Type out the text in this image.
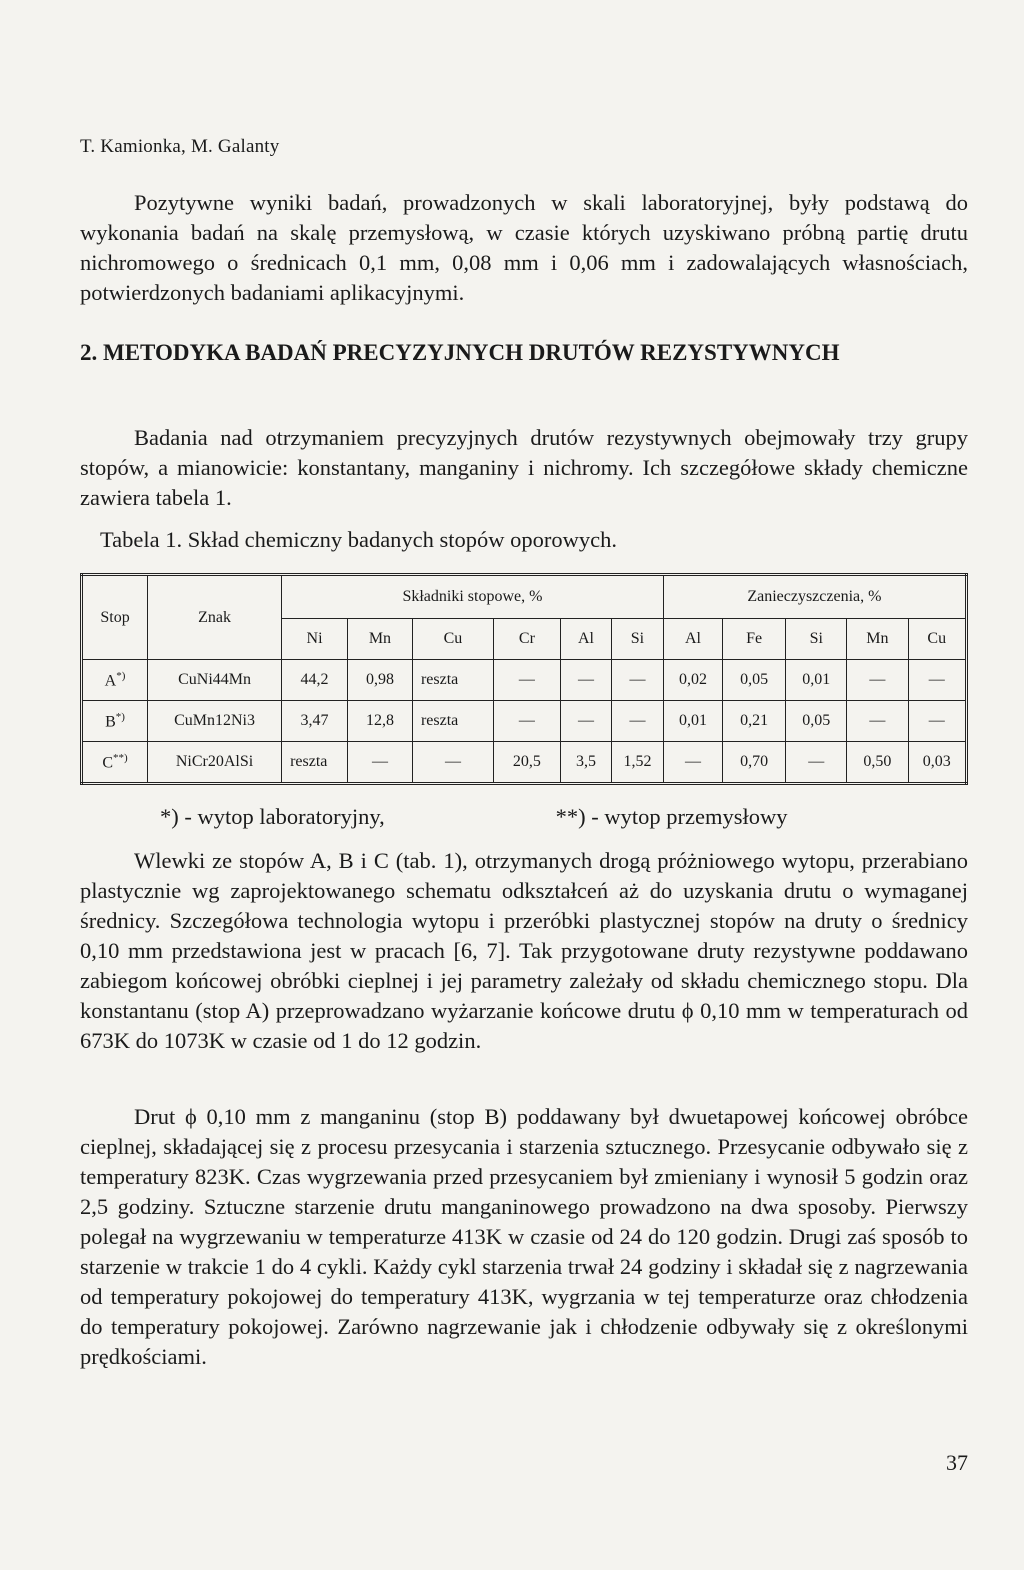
T. Kamionka, M. Galanty

Pozytywne wyniki badań, prowadzonych w skali laboratoryjnej, były podstawą do wykonania badań na skalę przemysłową, w czasie których uzyskiwano próbną partię drutu nichromowego o średnicach 0,1 mm, 0,08 mm i 0,06 mm i zadowalających własnościach, potwierdzonych badaniami aplikacyjnymi.

2. METODYKA BADAŃ PRECYZYJNYCH DRUTÓW REZYSTYWNYCH

Badania nad otrzymaniem precyzyjnych drutów rezystywnych obejmowały trzy grupy stopów, a mianowicie: konstantany, manganiny i nichromy. Ich szczegółowe składy chemiczne zawiera tabela 1.

Tabela 1. Skład chemiczny badanych stopów oporowych.

Stop	Znak	Składniki stopowe, %						Zanieczyszczenia, %				
		Ni	Mn	Cu	Cr	Al	Si	Al	Fe	Si	Mn	Cu
A*)	CuNi44Mn	44,2	0,98	reszta	—	—	—	0,02	0,05	0,01	—	—
B*)	CuMn12Ni3	3,47	12,8	reszta	—	—	—	0,01	0,21	0,05	—	—
C**)	NiCr20AlSi	reszta	—	—	20,5	3,5	1,52	—	0,70	—	0,50	0,03
*) - wytop laboratoryjny,	**) - wytop przemysłowy

Wlewki ze stopów A, B i C (tab. 1), otrzymanych drogą próżniowego wytopu, przerabiano plastycznie wg zaprojektowanego schematu odkształceń aż do uzyskania drutu o wymaganej średnicy. Szczegółowa technologia wytopu i przeróbki plastycznej stopów na druty o średnicy 0,10 mm przedstawiona jest w pracach [6, 7]. Tak przygotowane druty rezystywne poddawano zabiegom końcowej obróbki cieplnej i jej parametry zależały od składu chemicznego stopu. Dla konstantanu (stop A) przeprowadzano wyżarzanie końcowe drutu ϕ 0,10 mm w temperaturach od 673K do 1073K w czasie od 1 do 12 godzin.

Drut ϕ 0,10 mm z manganinu (stop B) poddawany był dwuetapowej końcowej obróbce cieplnej, składającej się z procesu przesycania i starzenia sztucznego. Przesycanie odbywało się z temperatury 823K. Czas wygrzewania przed przesycaniem był zmieniany i wynosił 5 godzin oraz 2,5 godziny. Sztuczne starzenie drutu manganinowego prowadzono na dwa sposoby. Pierwszy polegał na wygrzewaniu w temperaturze 413K w czasie od 24 do 120 godzin. Drugi zaś sposób to starzenie w trakcie 1 do 4 cykli. Każdy cykl starzenia trwał 24 godziny i składał się z nagrzewania od temperatury pokojowej do temperatury 413K, wygrzania w tej temperaturze oraz chłodzenia do temperatury pokojowej. Zarówno nagrzewanie jak i chłodzenie odbywały się z określonymi prędkościami.

37
